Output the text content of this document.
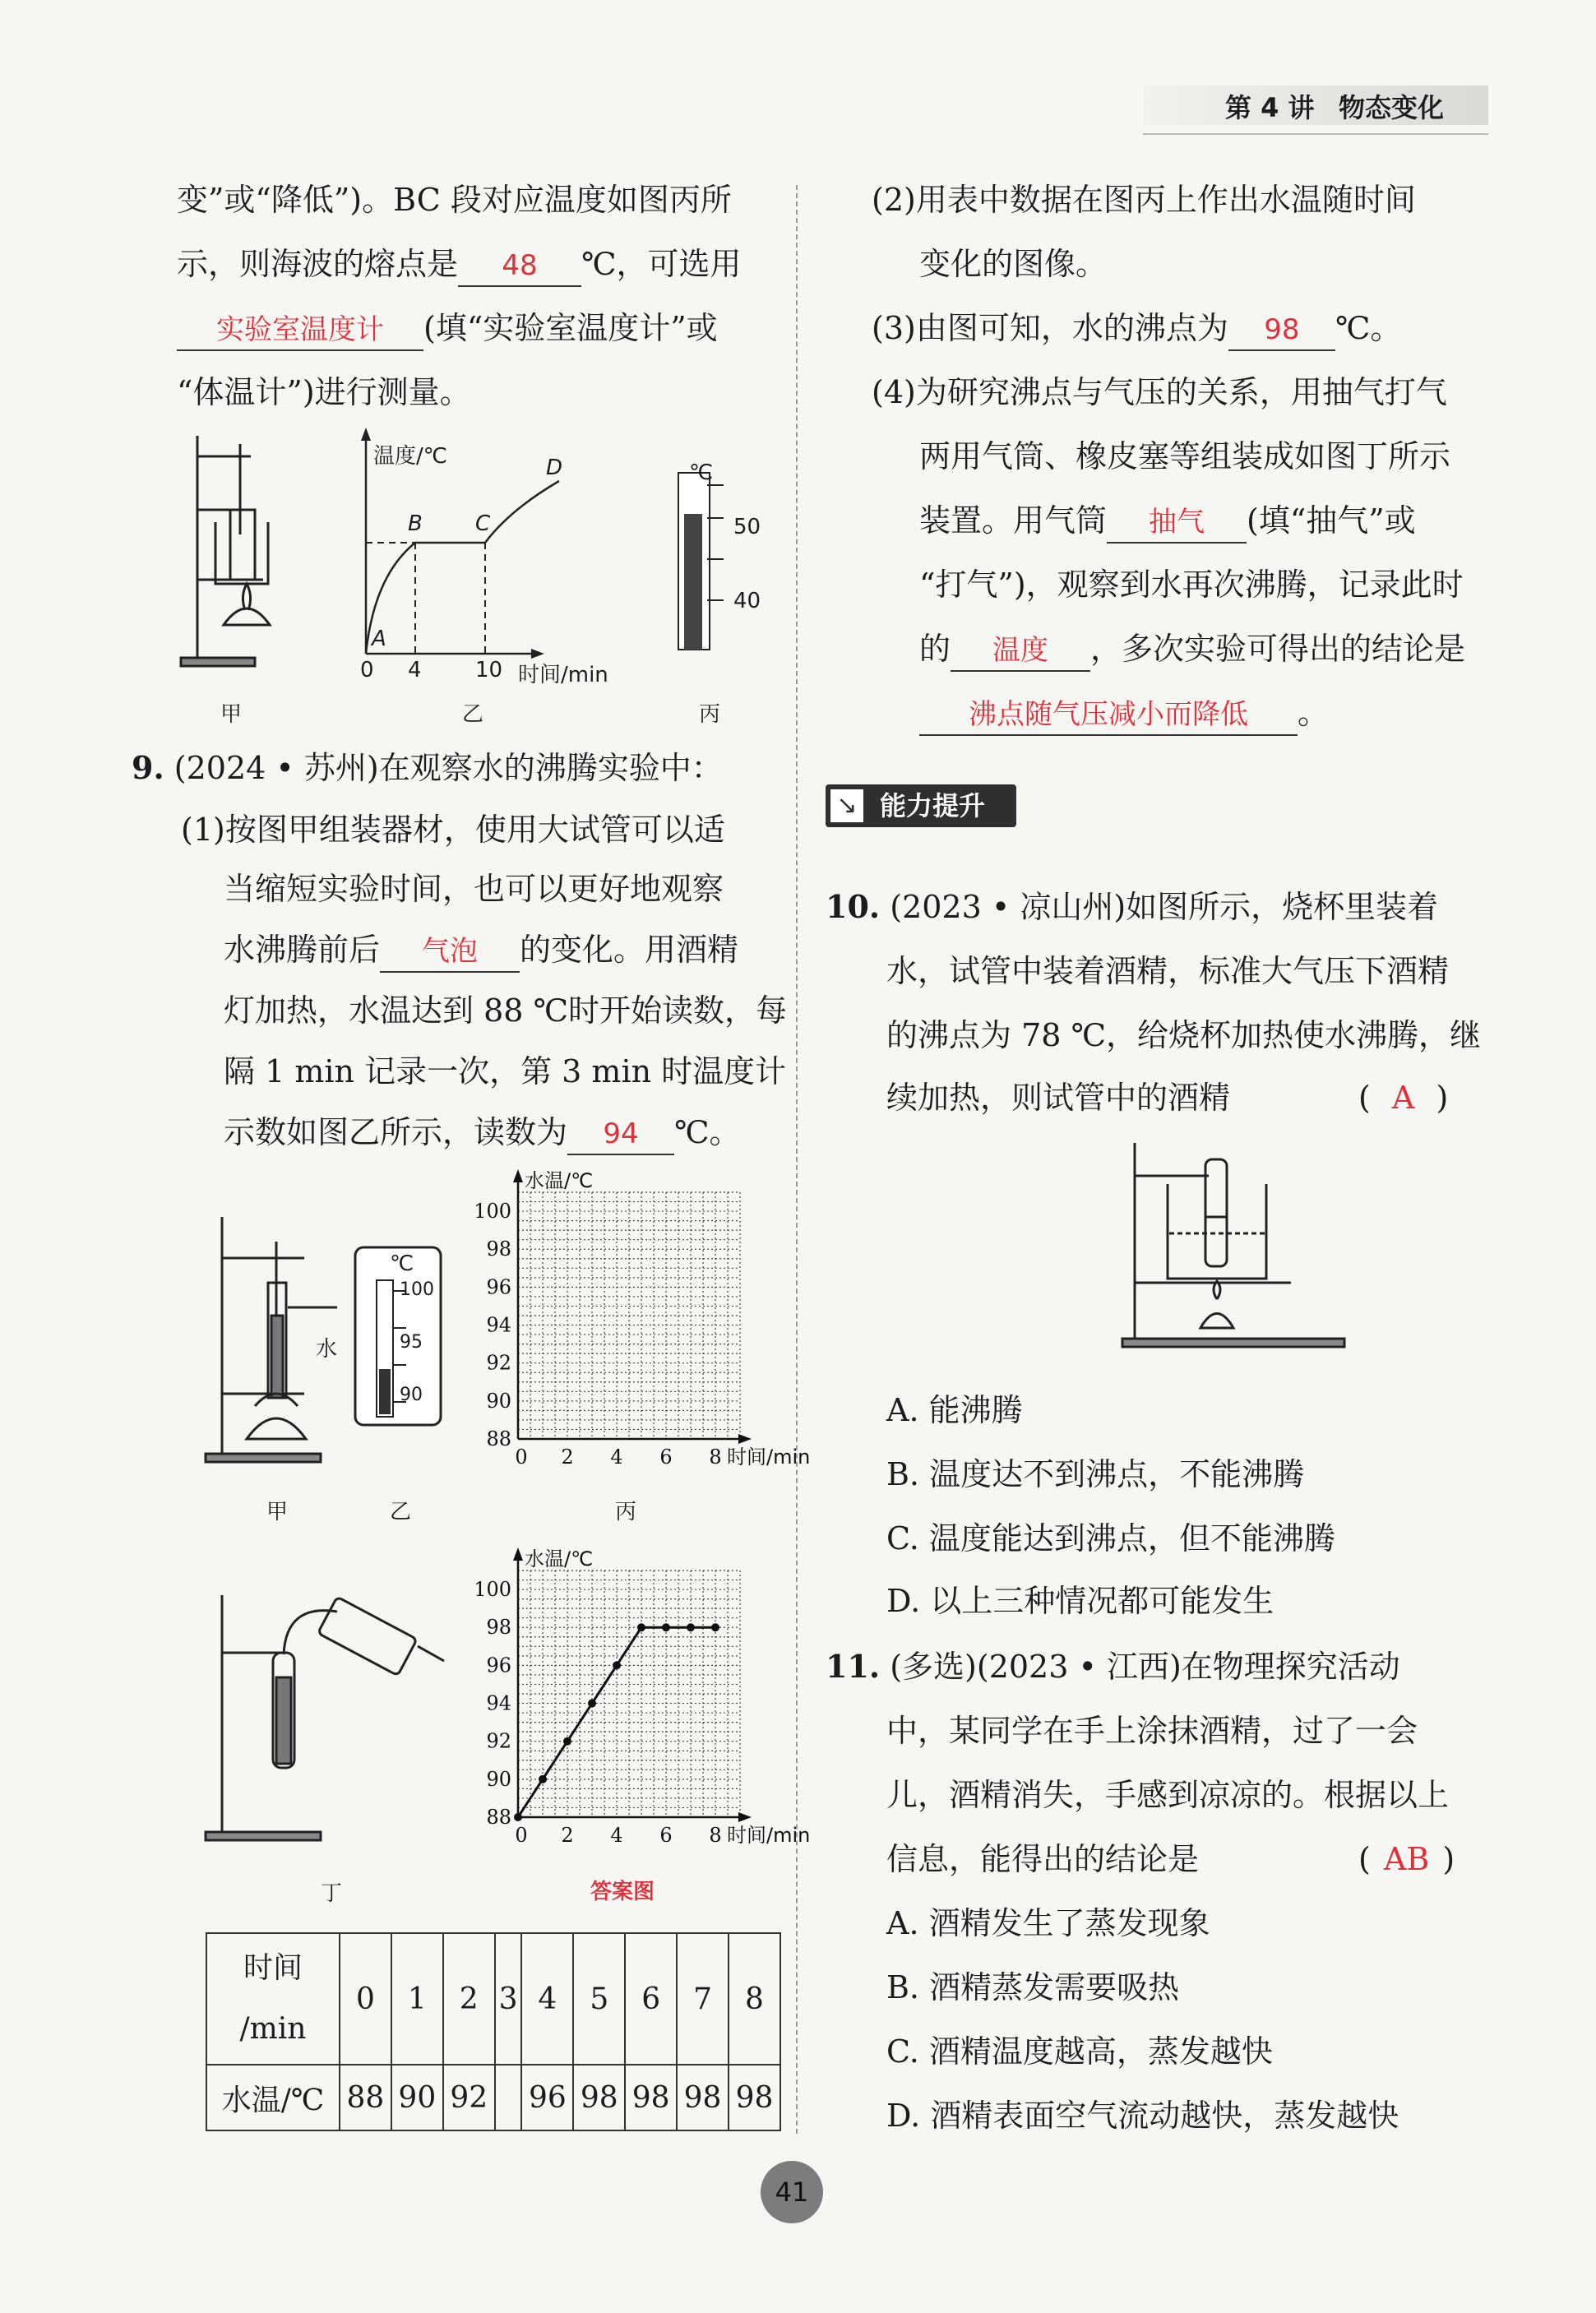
第 4 讲 物态变化
变”或“降低”)。BC 段对应温度如图丙所
示，则海波的熔点是 48 ℃，可选用
实验室温度计 (填“实验室温度计”或
“体温计”)进行测量。
温度/℃
A
B C
D
0 4	10 时间/min
℃
50
40
甲	乙	丙
9. (2024 • 苏州)在观察水的沸腾实验中：
(1)按图甲组装器材，使用大试管可以适
当缩短实验时间，也可以更好地观察
水沸腾前后 气泡 的变化。用酒精
灯加热，水温达到 88 ℃时开始读数，每
隔 1 min 记录一次，第 3 min 时温度计
示数如图乙所示，读数为 94 ℃。
水
℃
100
95
90
甲	乙	丙
88
90
92
94
96
98
100
0 2 4 6 8
水温/℃
时间/min
丁
88
90
92
94
96
98
100
0 2 4 6 8
水温/℃
时间/min
答案图
时间
/min	0	1	2	3	4	5	6	7	8
水温/℃	88	90	92		96	98	98	98	98
(2)用表中数据在图丙上作出水温随时间
变化的图像。
(3)由图可知，水的沸点为 98 ℃。
(4)为研究沸点与气压的关系，用抽气打气
两用气筒、橡皮塞等组装成如图丁所示
装置。用气筒 抽气 (填“抽气”或
“打气”)，观察到水再次沸腾，记录此时
的 温度 ，多次实验可得出的结论是
沸点随气压减小而降低 。
↘ 能力提升
10. (2023 • 凉山州)如图所示，烧杯里装着
水，试管中装着酒精，标准大气压下酒精
的沸点为 78 ℃，给烧杯加热使水沸腾，继
续加热，则试管中的酒精	( A )
A. 能沸腾
B. 温度达不到沸点，不能沸腾
C. 温度能达到沸点，但不能沸腾
D. 以上三种情况都可能发生
11. (多选)(2023 • 江西)在物理探究活动
中，某同学在手上涂抹酒精，过了一会
儿，酒精消失，手感到凉凉的。根据以上
信息，能得出的结论是	( AB )
A. 酒精发生了蒸发现象
B. 酒精蒸发需要吸热
C. 酒精温度越高，蒸发越快
D. 酒精表面空气流动越快，蒸发越快
41
